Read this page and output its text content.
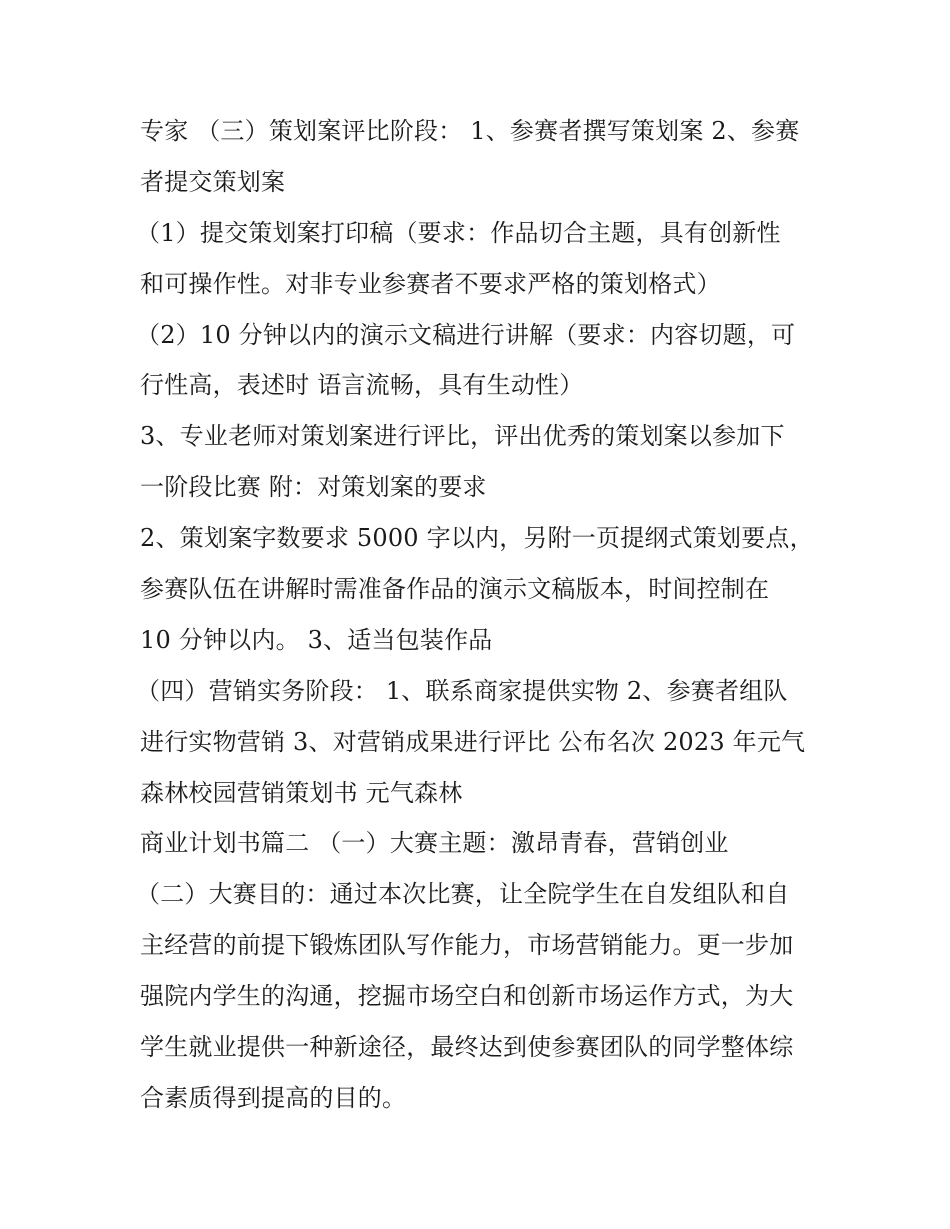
专家 （三）策划案评比阶段： 1、参赛者撰写策划案 2、参赛
者提交策划案
（1）提交策划案打印稿（要求：作品切合主题，具有创新性
和可操作性。对非专业参赛者不要求严格的策划格式）
（2）10 分钟以内的演示文稿进行讲解（要求：内容切题，可
行性高，表述时 语言流畅，具有生动性）
3、专业老师对策划案进行评比，评出优秀的策划案以参加下
一阶段比赛 附：对策划案的要求
2、策划案字数要求 5000 字以内，另附一页提纲式策划要点，
参赛队伍在讲解时需准备作品的演示文稿版本，时间控制在
10 分钟以内。 3、适当包装作品
（四）营销实务阶段： 1、联系商家提供实物 2、参赛者组队
进行实物营销 3、对营销成果进行评比 公布名次 2023 年元气
森林校园营销策划书 元气森林
商业计划书篇二 （一）大赛主题：激昂青春，营销创业
（二）大赛目的：通过本次比赛，让全院学生在自发组队和自
主经营的前提下锻炼团队写作能力，市场营销能力。更一步加
强院内学生的沟通，挖掘市场空白和创新市场运作方式，为大
学生就业提供一种新途径，最终达到使参赛团队的同学整体综
合素质得到提高的目的。
